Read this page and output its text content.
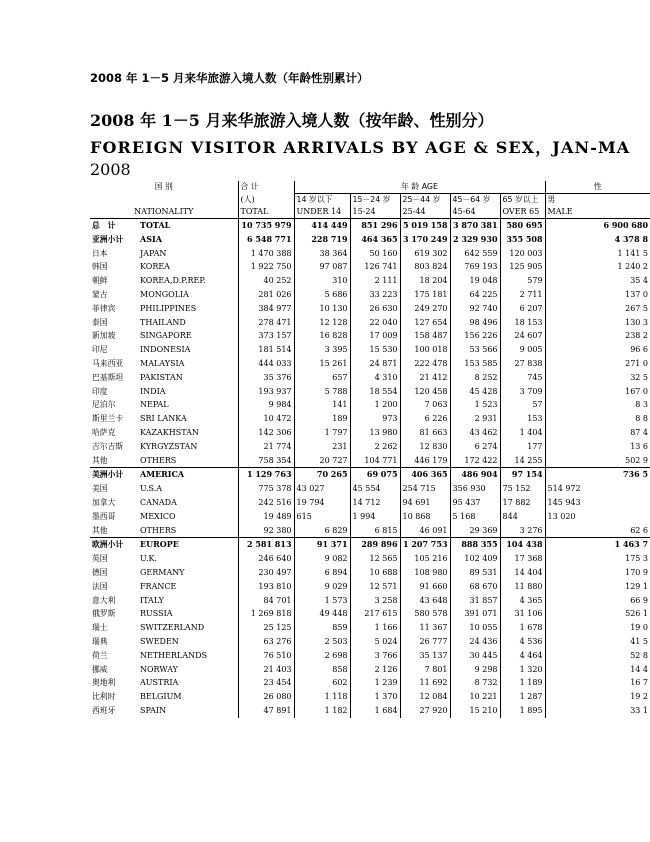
2008 年 1－5 月来华旅游入境人数（年龄性别累计）
2008 年 1－5 月来华旅游入境人数（按年龄、性别分）
FOREIGN VISITOR ARRIVALS BY AGE & SEX，JAN-MA
2008
国 别		合 计	年 龄 AGE					性
		(人)	14 岁以下	15－24 岁	25－44 岁	45－64 岁	65 岁以上	男
NATIONALITY		TOTAL	UNDER 14	15-24	25-44	45-64	OVER 65	MALE
总　计	TOTAL	10 735 979	414 449	851 296	5 019 158	3 870 381	580 695	6 900 680
亚洲小计	ASIA	6 548 771	228 719	464 365	3 170 249	2 329 930	355 508	4 378 8
日本	JAPAN	1 470 388	38 364	50 160	619 302	642 559	120 003	1 141 5
韩国	KOREA	1 922 750	97 087	126 741	803 824	769 193	125 905	1 240 2
朝鲜	KOREA,D.P.REP.	40 252	310	2 111	18 204	19 048	579	35 4
蒙古	MONGOLIA	281 026	5 686	33 223	175 181	64 225	2 711	137 0
菲律宾	PHILIPPINES	384 977	10 130	26 630	249 270	92 740	6 207	267 5
泰国	THAILAND	278 471	12 128	22 040	127 654	98 496	18 153	130 3
新加坡	SINGAPORE	373 157	16 828	17 009	158 487	156 226	24 607	238 2
印尼	INDONESIA	181 514	3 395	15 530	100 018	53 566	9 005	96 6
马来西亚	MALAYSIA	444 033	15 261	24 871	222 478	153 585	27 838	271 0
巴基斯坦	PAKISTAN	35 376	657	4 310	21 412	8 252	745	32 5
印度	INDIA	193 937	5 788	18 554	120 458	45 428	3 709	167 0
尼泊尔	NEPAL	9 984	141	1 200	7 063	1 523	57	8 3
斯里兰卡	SRI LANKA	10 472	189	973	6 226	2 931	153	8 8
哈萨克	KAZAKHSTAN	142 306	1 797	13 980	81 663	43 462	1 404	87 4
吉尔吉斯	KYRGYZSTAN	21 774	231	2 262	12 830	6 274	177	13 6
其他	OTHERS	758 354	20 727	104 771	446 179	172 422	14 255	502 9
美洲小计	AMERICA	1 129 763	70 265	69 075	406 365	486 904	97 154	736 5
美国	U.S.A	775 378	43 027	45 554	254 715	356 930	75 152	514 972
加拿大	CANADA	242 516	19 794	14 712	94 691	95 437	17 882	145 943
墨西哥	MEXICO	19 489	615	1 994	10 868	5 168	844	13 020
其他	OTHERS	92 380	6 829	6 815	46 091	29 369	3 276	62 6
欧洲小计	EUROPE	2 581 813	91 371	289 896	1 207 753	888 355	104 438	1 463 7
英国	U.K.	246 640	9 082	12 565	105 216	102 409	17 368	175 3
德国	GERMANY	230 497	6 894	10 688	108 980	89 531	14 404	170 9
法国	FRANCE	193 810	9 029	12 571	91 660	68 670	11 880	129 1
意大利	ITALY	84 701	1 573	3 258	43 648	31 857	4 365	66 9
俄罗斯	RUSSIA	1 269 818	49 448	217 615	580 578	391 071	31 106	526 1
瑞士	SWITZERLAND	25 125	859	1 166	11 367	10 055	1 678	19 0
瑞典	SWEDEN	63 276	2 503	5 024	26 777	24 436	4 536	41 5
荷兰	NETHERLANDS	76 510	2 698	3 766	35 137	30 445	4 464	52 8
挪威	NORWAY	21 403	858	2 126	7 801	9 298	1 320	14 4
奥地利	AUSTRIA	23 454	602	1 239	11 692	8 732	1 189	16 7
比利时	BELGIUM	26 080	1 118	1 370	12 084	10 221	1 287	19 2
西班牙	SPAIN	47 891	1 182	1 684	27 920	15 210	1 895	33 1
